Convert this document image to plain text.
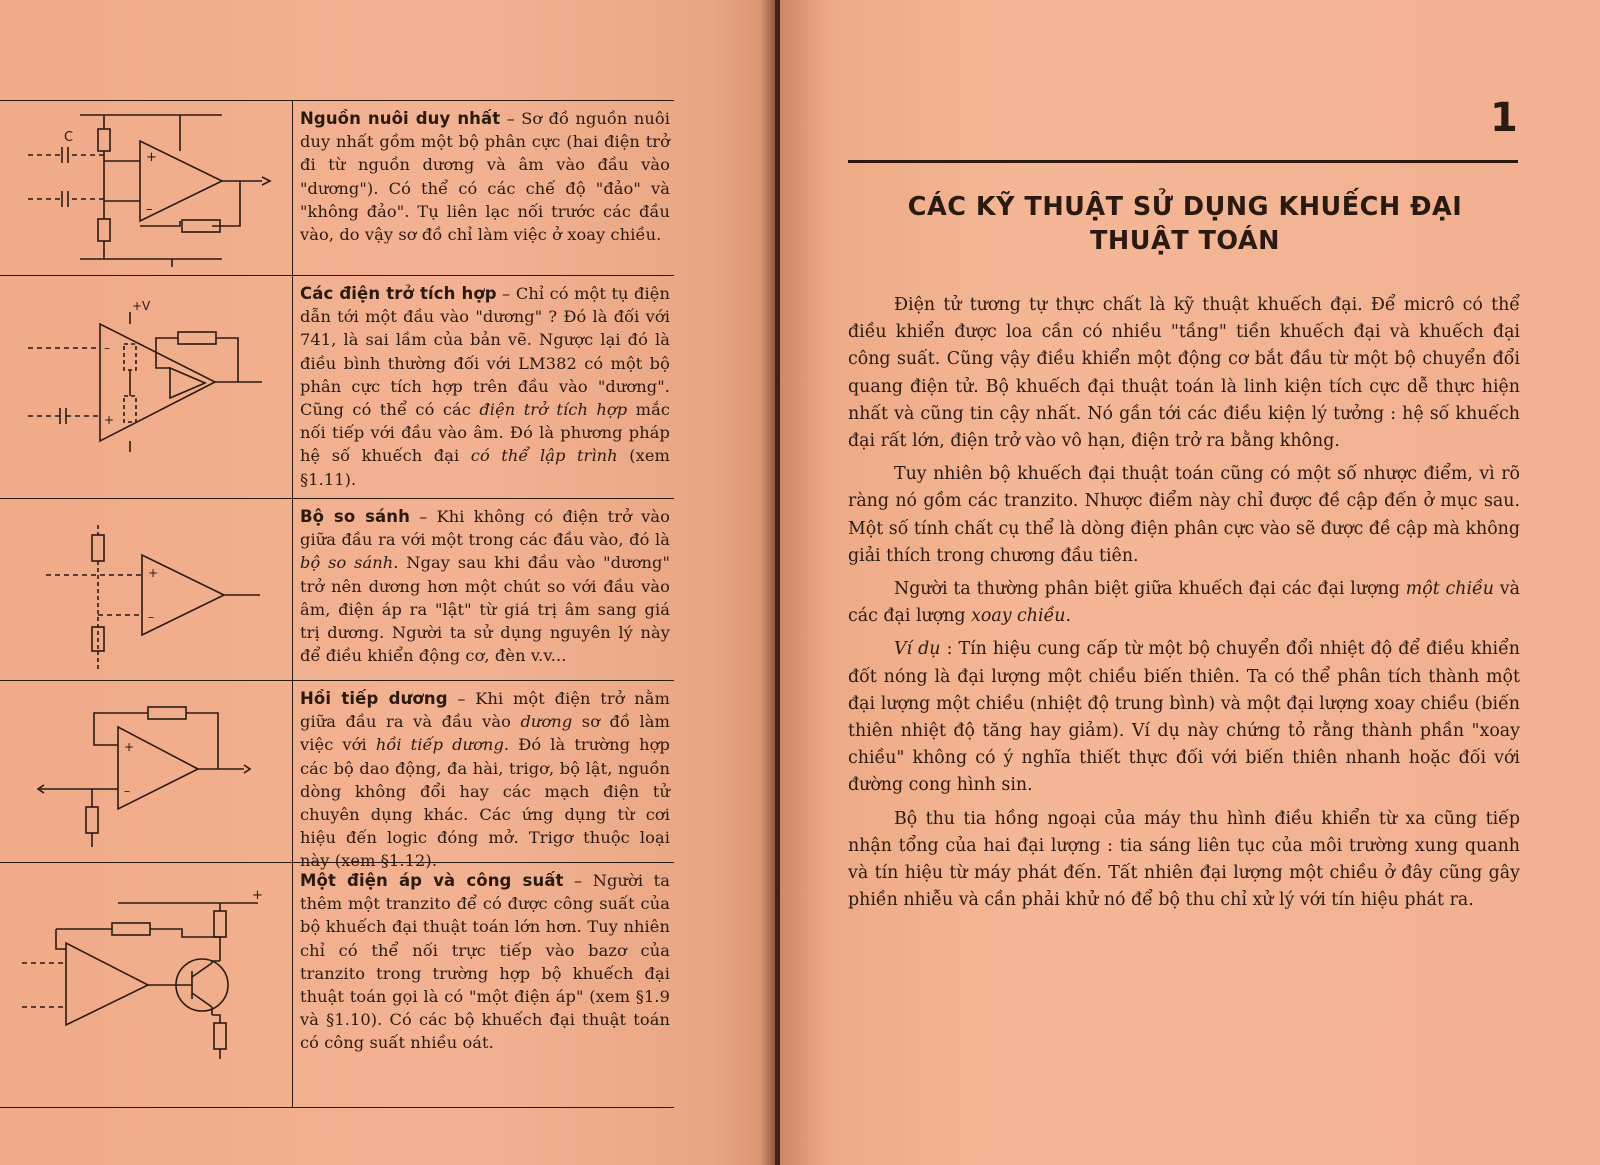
C
+
–
Nguồn nuôi duy nhất – Sơ đồ nguồn nuôi duy nhất gồm một bộ phân cực (hai điện trở đi từ nguồn dương và âm vào đầu vào "dương"). Có thể có các chế độ "đảo" và "không đảo". Tụ liên lạc nối trước các đầu vào, do vậy sơ đồ chỉ làm việc ở xoay chiều.
+V
–
+
Các điện trở tích hợp – Chỉ có một tụ điện dẫn tới một đầu vào "dương" ? Đó là đối với 741, là sai lầm của bản vẽ. Ngược lại đó là điều bình thường đối với LM382 có một bộ phân cực tích hợp trên đầu vào "dương". Cũng có thể có các điện trở tích hợp mắc nối tiếp với đầu vào âm. Đó là phương pháp hệ số khuếch đại có thể lập trình (xem §1.11).
+
–
Bộ so sánh – Khi không có điện trở vào giữa đầu ra với một trong các đầu vào, đó là bộ so sánh. Ngay sau khi đầu vào "dương" trở nên dương hơn một chút so với đầu vào âm, điện áp ra "lật" từ giá trị âm sang giá trị dương. Người ta sử dụng nguyên lý này để điều khiển động cơ, đèn v.v...
+
–
Hồi tiếp dương – Khi một điện trở nằm giữa đầu ra và đầu vào dương sơ đồ làm việc với hồi tiếp dương. Đó là trường hợp các bộ dao động, đa hài, trigơ, bộ lật, nguồn dòng không đổi hay các mạch điện tử chuyên dụng khác. Các ứng dụng từ cơi hiệu đến logic đóng mở. Trigơ thuộc loại này (xem §1.12).
+
Một điện áp và công suất – Người ta thêm một tranzito để có được công suất của bộ khuếch đại thuật toán lớn hơn. Tuy nhiên chỉ có thể nối trực tiếp vào bazơ của tranzito trong trường hợp bộ khuếch đại thuật toán gọi là có "một điện áp" (xem §1.9 và §1.10). Có các bộ khuếch đại thuật toán có công suất nhiều oát.
1
CÁC KỸ THUẬT SỬ DỤNG KHUẾCH ĐẠI
THUẬT TOÁN

Điện tử tương tự thực chất là kỹ thuật khuếch đại. Để micrô có thể điều khiển được loa cần có nhiều "tầng" tiền khuếch đại và khuếch đại công suất. Cũng vậy điều khiển một động cơ bắt đầu từ một bộ chuyển đổi quang điện tử. Bộ khuếch đại thuật toán là linh kiện tích cực dễ thực hiện nhất và cũng tin cậy nhất. Nó gần tới các điều kiện lý tưởng : hệ số khuếch đại rất lớn, điện trở vào vô hạn, điện trở ra bằng không.

Tuy nhiên bộ khuếch đại thuật toán cũng có một số nhược điểm, vì rõ ràng nó gồm các tranzito. Nhược điểm này chỉ được đề cập đến ở mục sau. Một số tính chất cụ thể là dòng điện phân cực vào sẽ được đề cập mà không giải thích trong chương đầu tiên.

Người ta thường phân biệt giữa khuếch đại các đại lượng một chiều và các đại lượng xoay chiều.

Ví dụ : Tín hiệu cung cấp từ một bộ chuyển đổi nhiệt độ để điều khiển đốt nóng là đại lượng một chiều biến thiên. Ta có thể phân tích thành một đại lượng một chiều (nhiệt độ trung bình) và một đại lượng xoay chiều (biến thiên nhiệt độ tăng hay giảm). Ví dụ này chứng tỏ rằng thành phần "xoay chiều" không có ý nghĩa thiết thực đối với biến thiên nhanh hoặc đối với đường cong hình sin.

Bộ thu tia hồng ngoại của máy thu hình điều khiển từ xa cũng tiếp nhận tổng của hai đại lượng : tia sáng liên tục của môi trường xung quanh và tín hiệu từ máy phát đến. Tất nhiên đại lượng một chiều ở đây cũng gây phiền nhiễu và cần phải khử nó để bộ thu chỉ xử lý với tín hiệu phát ra.
